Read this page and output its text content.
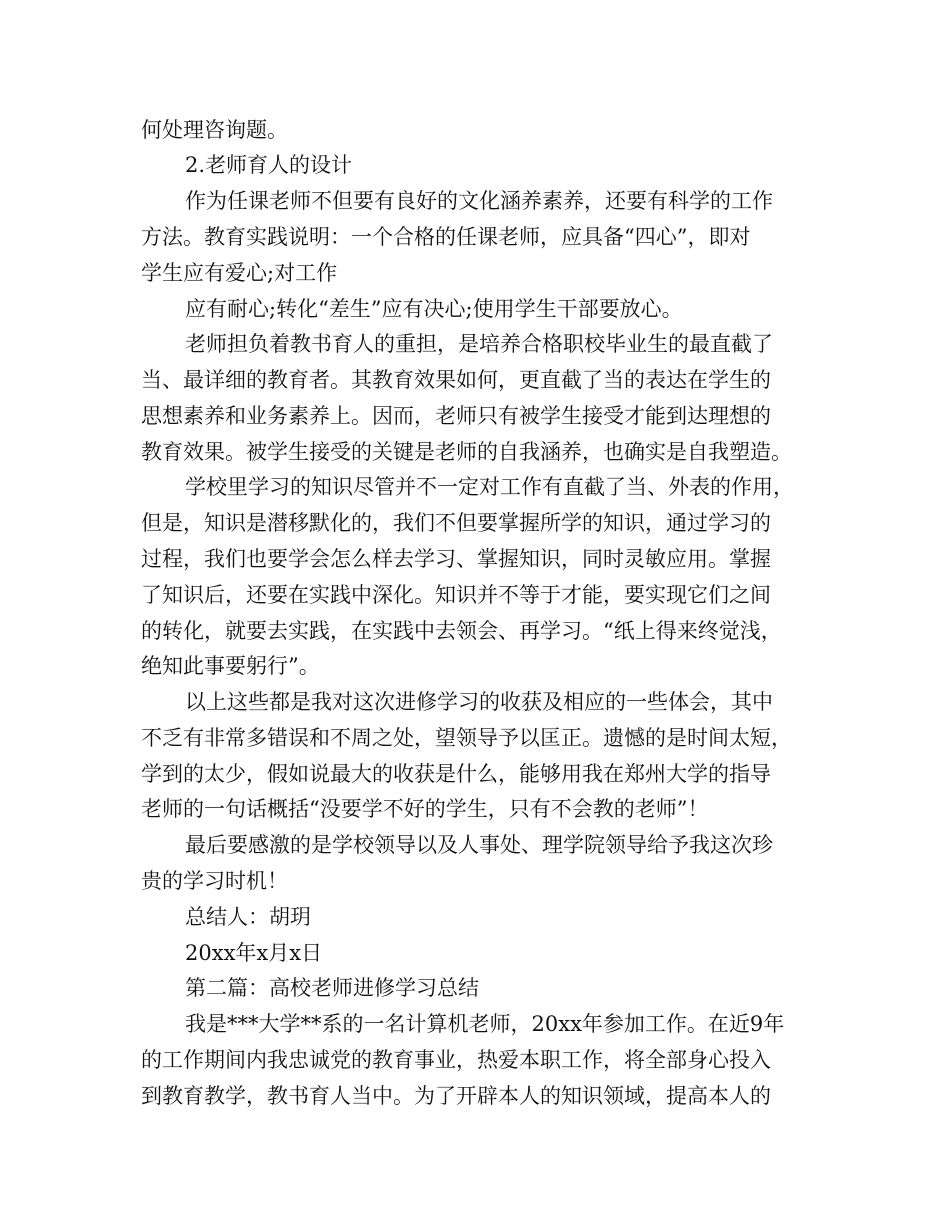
何处理咨询题。
2.老师育人的设计
作为任课老师不但要有良好的文化涵养素养，还要有科学的工作
方法。教育实践说明：一个合格的任课老师，应具备“四心”，即对
学生应有爱心;对工作
应有耐心;转化“差生”应有决心;使用学生干部要放心。
老师担负着教书育人的重担，是培养合格职校毕业生的最直截了
当、最详细的教育者。其教育效果如何，更直截了当的表达在学生的
思想素养和业务素养上。因而，老师只有被学生接受才能到达理想的
教育效果。被学生接受的关键是老师的自我涵养，也确实是自我塑造。
学校里学习的知识尽管并不一定对工作有直截了当、外表的作用，
但是，知识是潜移默化的，我们不但要掌握所学的知识，通过学习的
过程，我们也要学会怎么样去学习、掌握知识，同时灵敏应用。掌握
了知识后，还要在实践中深化。知识并不等于才能，要实现它们之间
的转化，就要去实践，在实践中去领会、再学习。“纸上得来终觉浅，
绝知此事要躬行”。
以上这些都是我对这次进修学习的收获及相应的一些体会，其中
不乏有非常多错误和不周之处，望领导予以匡正。遗憾的是时间太短，
学到的太少，假如说最大的收获是什么，能够用我在郑州大学的指导
老师的一句话概括“没要学不好的学生，只有不会教的老师”！
最后要感激的是学校领导以及人事处、理学院领导给予我这次珍
贵的学习时机！
总结人：胡玥
20xx年x月x日
第二篇：高校老师进修学习总结
我是***大学**系的一名计算机老师，20xx年参加工作。在近9年
的工作期间内我忠诚党的教育事业，热爱本职工作，将全部身心投入
到教育教学，教书育人当中。为了开辟本人的知识领域，提高本人的
